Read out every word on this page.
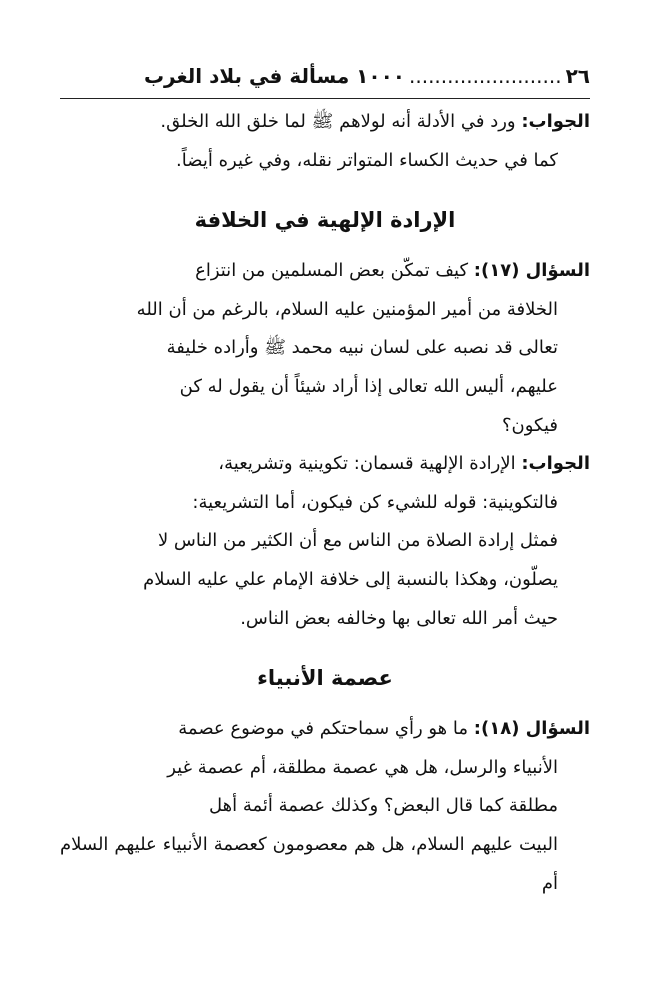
٢٦
........................
١٠٠٠ مسألة في بلاد الغرب

الجواب: ورد في الأدلة أنه لولاهم ﷺ لما خلق الله الخلق.

كما في حديث الكساء المتواتر نقله، وفي غيره أيضاً.

الإرادة الإلهية في الخلافة

السؤال (١٧): كيف تمكّن بعض المسلمين من انتزاع

الخلافة من أمير المؤمنين عليه السلام، بالرغم من أن الله

تعالى قد نصبه على لسان نبيه محمد ﷺ وأراده خليفة

عليهم، أليس الله تعالى إذا أراد شيئاً أن يقول له كن

فيكون؟

الجواب: الإرادة الإلهية قسمان: تكوينية وتشريعية،

فالتكوينية: قوله للشيء كن فيكون، أما التشريعية:

فمثل إرادة الصلاة من الناس مع أن الكثير من الناس لا

يصلّون، وهكذا بالنسبة إلى خلافة الإمام علي عليه السلام

حيث أمر الله تعالى بها وخالفه بعض الناس.

عصمة الأنبياء

السؤال (١٨): ما هو رأي سماحتكم في موضوع عصمة

الأنبياء والرسل، هل هي عصمة مطلقة، أم عصمة غير

مطلقة كما قال البعض؟ وكذلك عصمة أئمة أهل

البيت عليهم السلام، هل هم معصومون كعصمة الأنبياء عليهم السلام أم
